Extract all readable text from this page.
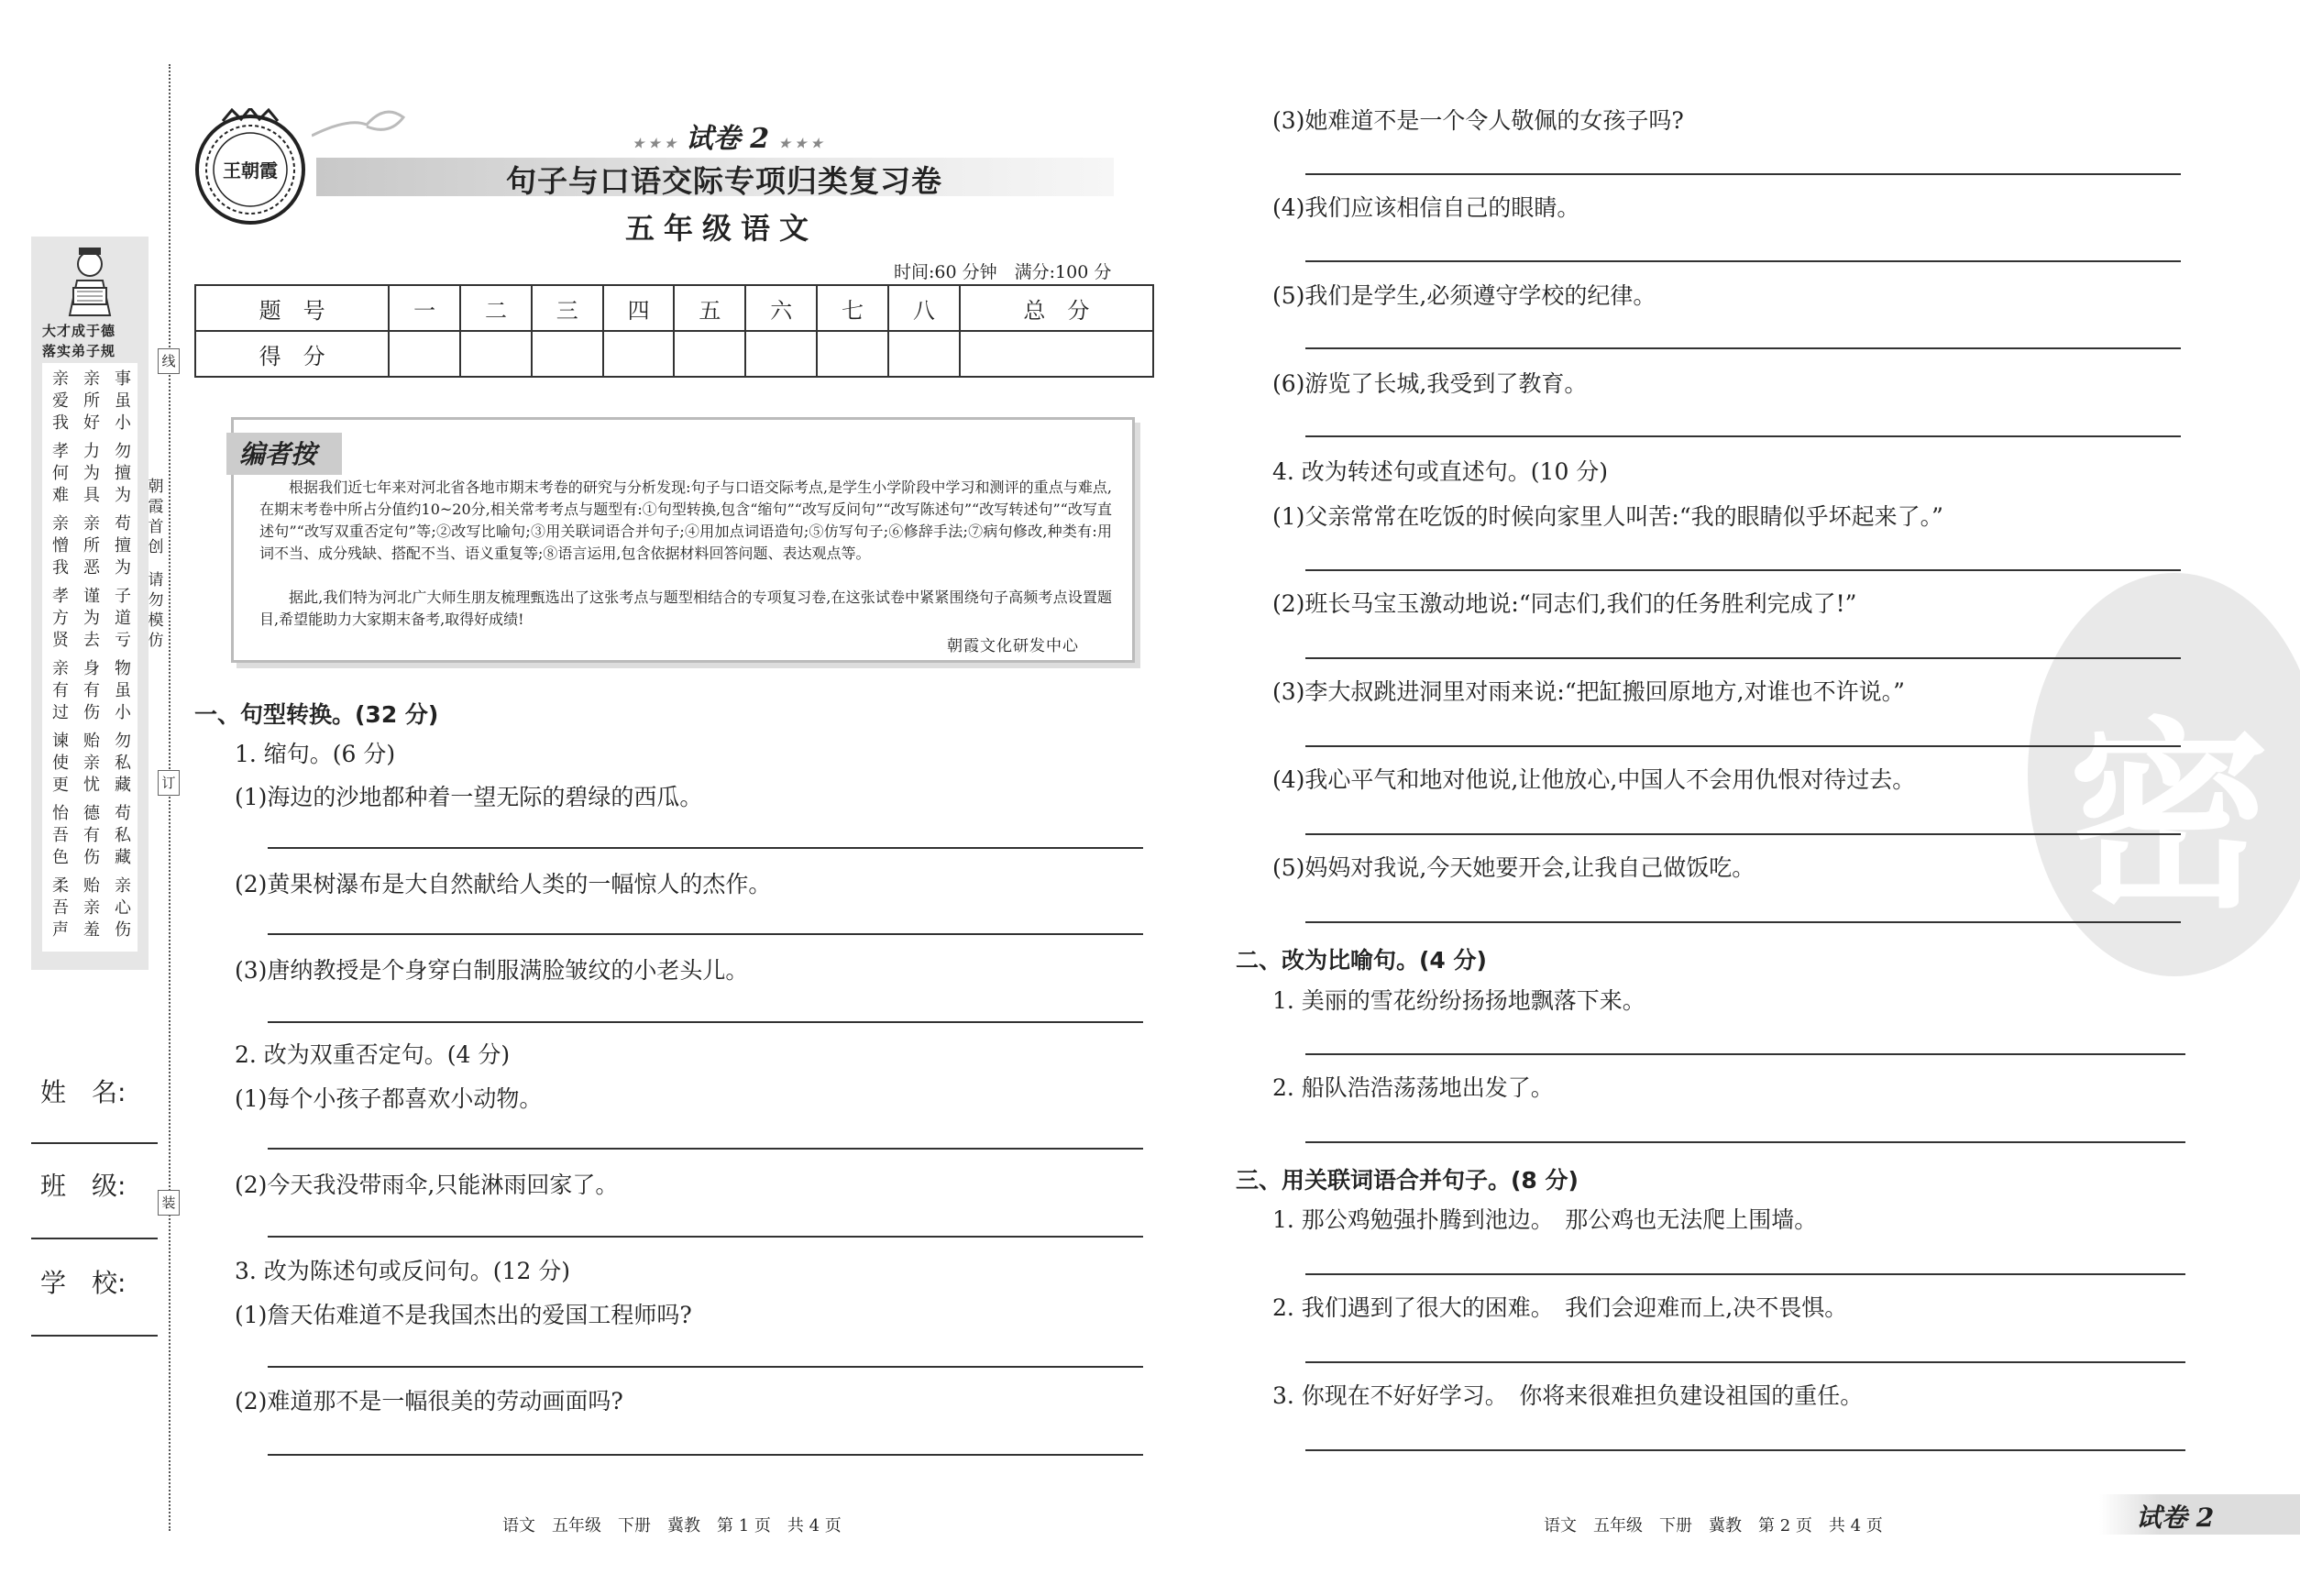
大才成于德
落实弟子规
亲爱我
亲所好
事虽小
孝何难
力为具
勿擅为
亲憎我
亲所恶
苟擅为
孝方贤
谨为去
子道亏
亲有过
身有伤
物虽小
谏使更
贻亲忧
勿私藏
怡吾色
德有伤
苟私藏
柔吾声
贻亲羞
亲心伤
朝霞首创
请勿模仿
线
订
装
姓　名:
班　级:
学　校:
王朝霞
★ ★ ★ 试卷 2 ★ ★ ★
句子与口语交际专项归类复习卷
五年级语文
时间:60 分钟　满分:100 分
题　号	一	二	三	四	五	六	七	八	总　分
得　分									
编者按
根据我们近七年来对河北省各地市期末考卷的研究与分析发现:句子与口语交际考点,是学生小学阶段中学习和测评的重点与难点,在期末考卷中所占分值约10~20分,相关常考考点与题型有:①句型转换,包含“缩句”“改写反问句”“改写陈述句”“改写转述句”“改写直述句”“改写双重否定句”等;②改写比喻句;③用关联词语合并句子;④用加点词语造句;⑤仿写句子;⑥修辞手法;⑦病句修改,种类有:用词不当、成分残缺、搭配不当、语义重复等;⑧语言运用,包含依据材料回答问题、表达观点等。
据此,我们特为河北广大师生朋友梳理甄选出了这张考点与题型相结合的专项复习卷,在这张试卷中紧紧围绕句子高频考点设置题目,希望能助力大家期末备考,取得好成绩!
朝霞文化研发中心
一、句型转换。(32 分)
1. 缩句。(6 分)
(1)海边的沙地都种着一望无际的碧绿的西瓜。
(2)黄果树瀑布是大自然献给人类的一幅惊人的杰作。
(3)唐纳教授是个身穿白制服满脸皱纹的小老头儿。
2. 改为双重否定句。(4 分)
(1)每个小孩子都喜欢小动物。
(2)今天我没带雨伞,只能淋雨回家了。
3. 改为陈述句或反问句。(12 分)
(1)詹天佑难道不是我国杰出的爱国工程师吗?
(2)难道那不是一幅很美的劳动画面吗?
语文　五年级　下册　冀教　第 1 页　共 4 页
密
(3)她难道不是一个令人敬佩的女孩子吗?
(4)我们应该相信自己的眼睛。
(5)我们是学生,必须遵守学校的纪律。
(6)游览了长城,我受到了教育。
4. 改为转述句或直述句。(10 分)
(1)父亲常常在吃饭的时候向家里人叫苦:“我的眼睛似乎坏起来了。”
(2)班长马宝玉激动地说:“同志们,我们的任务胜利完成了!”
(3)李大叔跳进洞里对雨来说:“把缸搬回原地方,对谁也不许说。”
(4)我心平气和地对他说,让他放心,中国人不会用仇恨对待过去。
(5)妈妈对我说,今天她要开会,让我自己做饭吃。
二、改为比喻句。(4 分)
1. 美丽的雪花纷纷扬扬地飘落下来。
2. 船队浩浩荡荡地出发了。
三、用关联词语合并句子。(8 分)
1. 那公鸡勉强扑腾到池边。　那公鸡也无法爬上围墙。
2. 我们遇到了很大的困难。　我们会迎难而上,决不畏惧。
3. 你现在不好好学习。　你将来很难担负建设祖国的重任。
语文　五年级　下册　冀教　第 2 页　共 4 页	试卷 2
